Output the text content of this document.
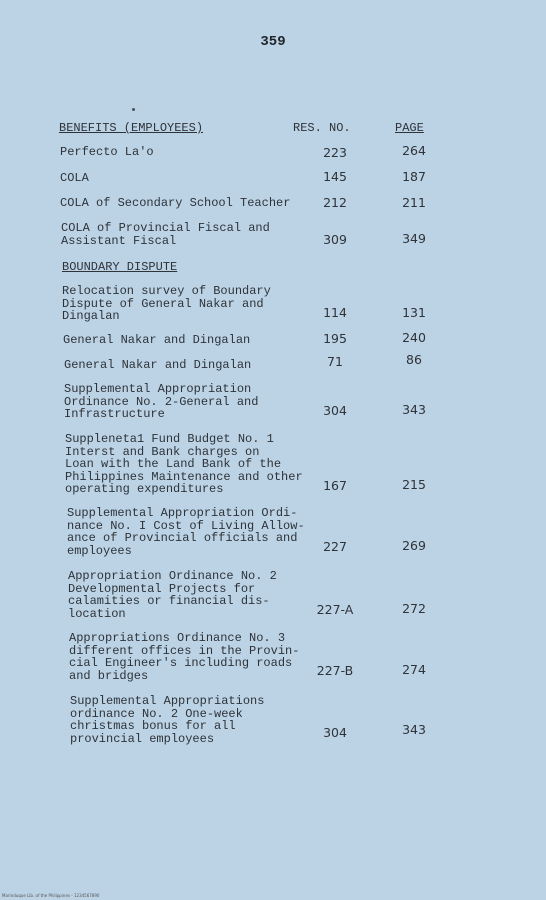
359
BENEFITS (EMPLOYEES)	RES. NO.	PAGE
Perfecto La'o	223	264
COLA	145	187
COLA of Secondary School Teacher	212	211
COLA of Provincial Fiscal and
Assistant Fiscal	309	349
BOUNDARY DISPUTE
Relocation survey of Boundary
Dispute of General Nakar and
Dingalan	114	131
General Nakar and Dingalan	195	240
General Nakar and Dingalan	71	86
Supplemental Appropriation
Ordinance No. 2-General and
Infrastructure	304	343
Suppleneta1 Fund Budget No. 1
Interst and Bank charges on
Loan with the Land Bank of the
Philippines Maintenance and other
operating expenditures	167	215
Supplemental Appropriation Ordi-
nance No. I Cost of Living Allow-
ance of Provincial officials and
employees	227	269
Appropriation Ordinance No. 2
Developmental Projects for
calamities or financial dis-
location	227-A	272
Appropriations Ordinance No. 3
different offices in the Provin-
cial Engineer's including roads
and bridges	227-B	274
Supplemental Appropriations
ordinance No. 2 One-week
christmas bonus for all
provincial employees	304	343
Marinduque Lib. of the Philippines - 1234567890
